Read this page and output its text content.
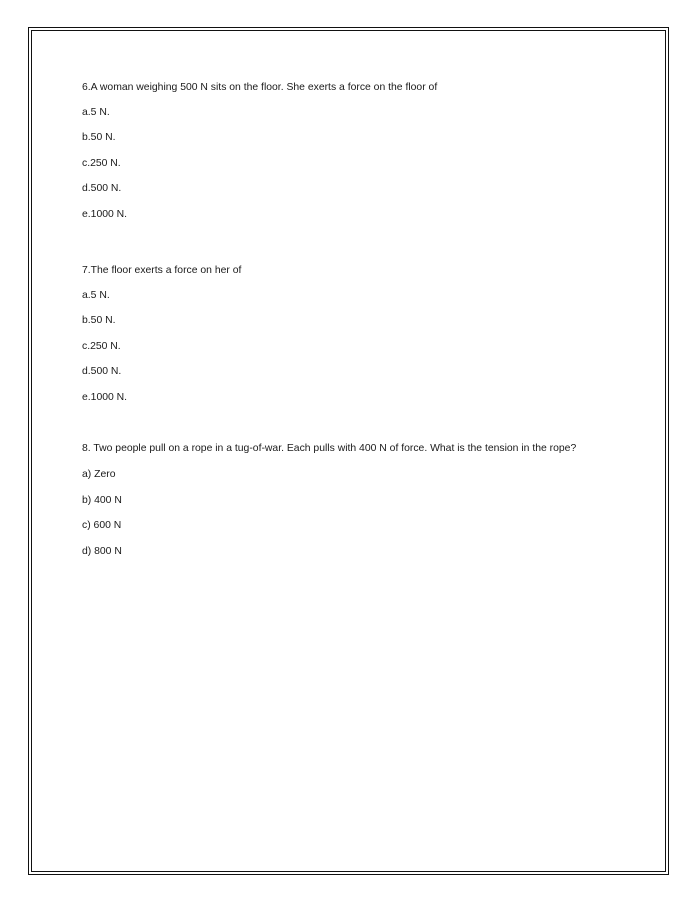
6.A woman weighing 500 N sits on the floor. She exerts a force on the floor of
a.5 N.
b.50 N.
c.250 N.
d.500 N.
e.1000 N.
7.The floor exerts a force on her of
a.5 N.
b.50 N.
c.250 N.
d.500 N.
e.1000 N.
8. Two people pull on a rope in a tug-of-war. Each pulls with 400 N of force. What is the tension in the rope?
a) Zero
b) 400 N
c) 600 N
d) 800 N
